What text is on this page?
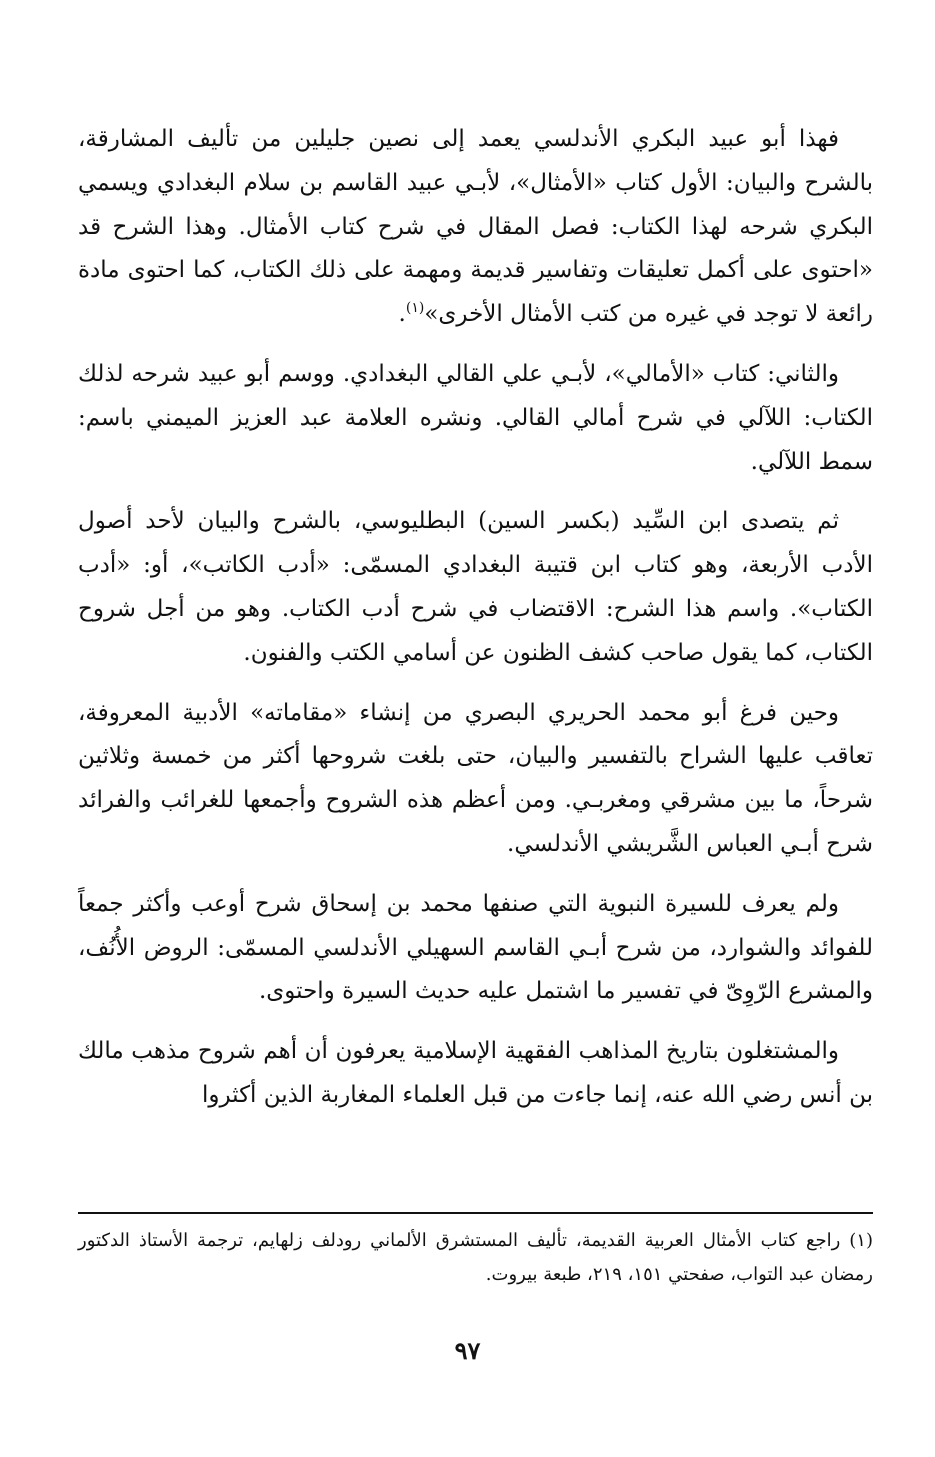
فهذا أبو عبيد البكري الأندلسي يعمد إلى نصين جليلين من تأليف المشارقة، بالشرح والبيان: الأول كتاب «الأمثال»، لأبـي عبيد القاسم بن سلام البغدادي ويسمي البكري شرحه لهذا الكتاب: فصل المقال في شرح كتاب الأمثال. وهذا الشرح قد «احتوى على أكمل تعليقات وتفاسير قديمة ومهمة على ذلك الكتاب، كما احتوى مادة رائعة لا توجد في غيره من كتب الأمثال الأخرى»$^{(١)}$.

والثاني: كتاب «الأمالي»، لأبـي علي القالي البغدادي. ووسم أبو عبيد شرحه لذلك الكتاب: اللآلي في شرح أمالي القالي. ونشره العلامة عبد العزيز الميمني باسم: سمط اللآلي.

ثم يتصدى ابن السِّيد (بكسر السين) البطليوسي، بالشرح والبيان لأحد أصول الأدب الأربعة، وهو كتاب ابن قتيبة البغدادي المسمّى: «أدب الكاتب»، أو: «أدب الكتاب». واسم هذا الشرح: الاقتضاب في شرح أدب الكتاب. وهو من أجل شروح الكتاب، كما يقول صاحب كشف الظنون عن أسامي الكتب والفنون.

وحين فرغ أبو محمد الحريري البصري من إنشاء «مقاماته» الأدبية المعروفة، تعاقب عليها الشراح بالتفسير والبيان، حتى بلغت شروحها أكثر من خمسة وثلاثين شرحاً، ما بين مشرقي ومغربـي. ومن أعظم هذه الشروح وأجمعها للغرائب والفرائد شرح أبـي العباس الشَّريشي الأندلسي.

ولم يعرف للسيرة النبوية التي صنفها محمد بن إسحاق شرح أوعب وأكثر جمعاً للفوائد والشوارد، من شرح أبـي القاسم السهيلي الأندلسي المسمّى: الروض الأُنُف، والمشرع الرّوِىّ في تفسير ما اشتمل عليه حديث السيرة واحتوى.

والمشتغلون بتاريخ المذاهب الفقهية الإسلامية يعرفون أن أهم شروح مذهب مالك بن أنس رضي الله عنه، إنما جاءت من قبل العلماء المغاربة الذين أكثروا

(١) راجع كتاب الأمثال العربية القديمة، تأليف المستشرق الألماني رودلف زلهايم، ترجمة الأستاذ الدكتور رمضان عبد التواب، صفحتي ١٥١، ٢١٩، طبعة بيروت.

٩٧
